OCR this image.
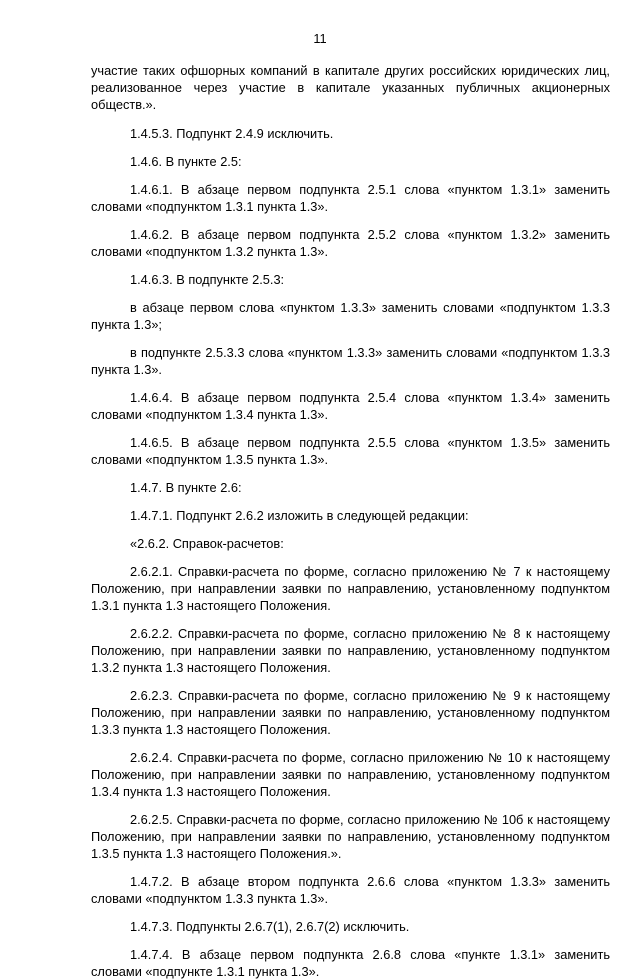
11

участие таких офшорных компаний в капитале других российских юридических лиц, реализованное через участие в капитале указанных публичных акционерных обществ.».

1.4.5.3. Подпункт 2.4.9 исключить.

1.4.6. В пункте 2.5:

1.4.6.1. В абзаце первом подпункта 2.5.1 слова «пунктом 1.3.1» заменить словами «подпунктом 1.3.1 пункта 1.3».

1.4.6.2. В абзаце первом подпункта 2.5.2 слова «пунктом 1.3.2» заменить словами «подпунктом 1.3.2 пункта 1.3».

1.4.6.3. В подпункте 2.5.3:

в абзаце первом слова «пунктом 1.3.3» заменить словами «подпунктом 1.3.3 пункта 1.3»;

в подпункте 2.5.3.3 слова «пунктом 1.3.3» заменить словами «подпунктом 1.3.3 пункта 1.3».

1.4.6.4. В абзаце первом подпункта 2.5.4 слова «пунктом 1.3.4» заменить словами «подпунктом 1.3.4 пункта 1.3».

1.4.6.5. В абзаце первом подпункта 2.5.5 слова «пунктом 1.3.5» заменить словами «подпунктом 1.3.5 пункта 1.3».

1.4.7. В пункте 2.6:

1.4.7.1. Подпункт 2.6.2 изложить в следующей редакции:

«2.6.2. Справок-расчетов:

2.6.2.1. Справки-расчета по форме, согласно приложению № 7 к настоящему Положению, при направлении заявки по направлению, установленному подпунктом 1.3.1 пункта 1.3 настоящего Положения.

2.6.2.2. Справки-расчета по форме, согласно приложению № 8 к настоящему Положению, при направлении заявки по направлению, установленному подпунктом 1.3.2 пункта 1.3 настоящего Положения.

2.6.2.3. Справки-расчета по форме, согласно приложению № 9 к настоящему Положению, при направлении заявки по направлению, установленному подпунктом 1.3.3 пункта 1.3 настоящего Положения.

2.6.2.4. Справки-расчета по форме, согласно приложению № 10 к настоящему Положению, при направлении заявки по направлению, установленному подпунктом 1.3.4 пункта 1.3 настоящего Положения.

2.6.2.5. Справки-расчета по форме, согласно приложению № 10б к настоящему Положению, при направлении заявки по направлению, установленному подпунктом 1.3.5 пункта 1.3 настоящего Положения.».

1.4.7.2. В абзаце втором подпункта 2.6.6 слова «пунктом 1.3.3» заменить словами «подпунктом 1.3.3 пункта 1.3».

1.4.7.3. Подпункты 2.6.7(1), 2.6.7(2) исключить.

1.4.7.4. В абзаце первом подпункта 2.6.8 слова «пункте 1.3.1» заменить словами «подпункте 1.3.1 пункта 1.3».
